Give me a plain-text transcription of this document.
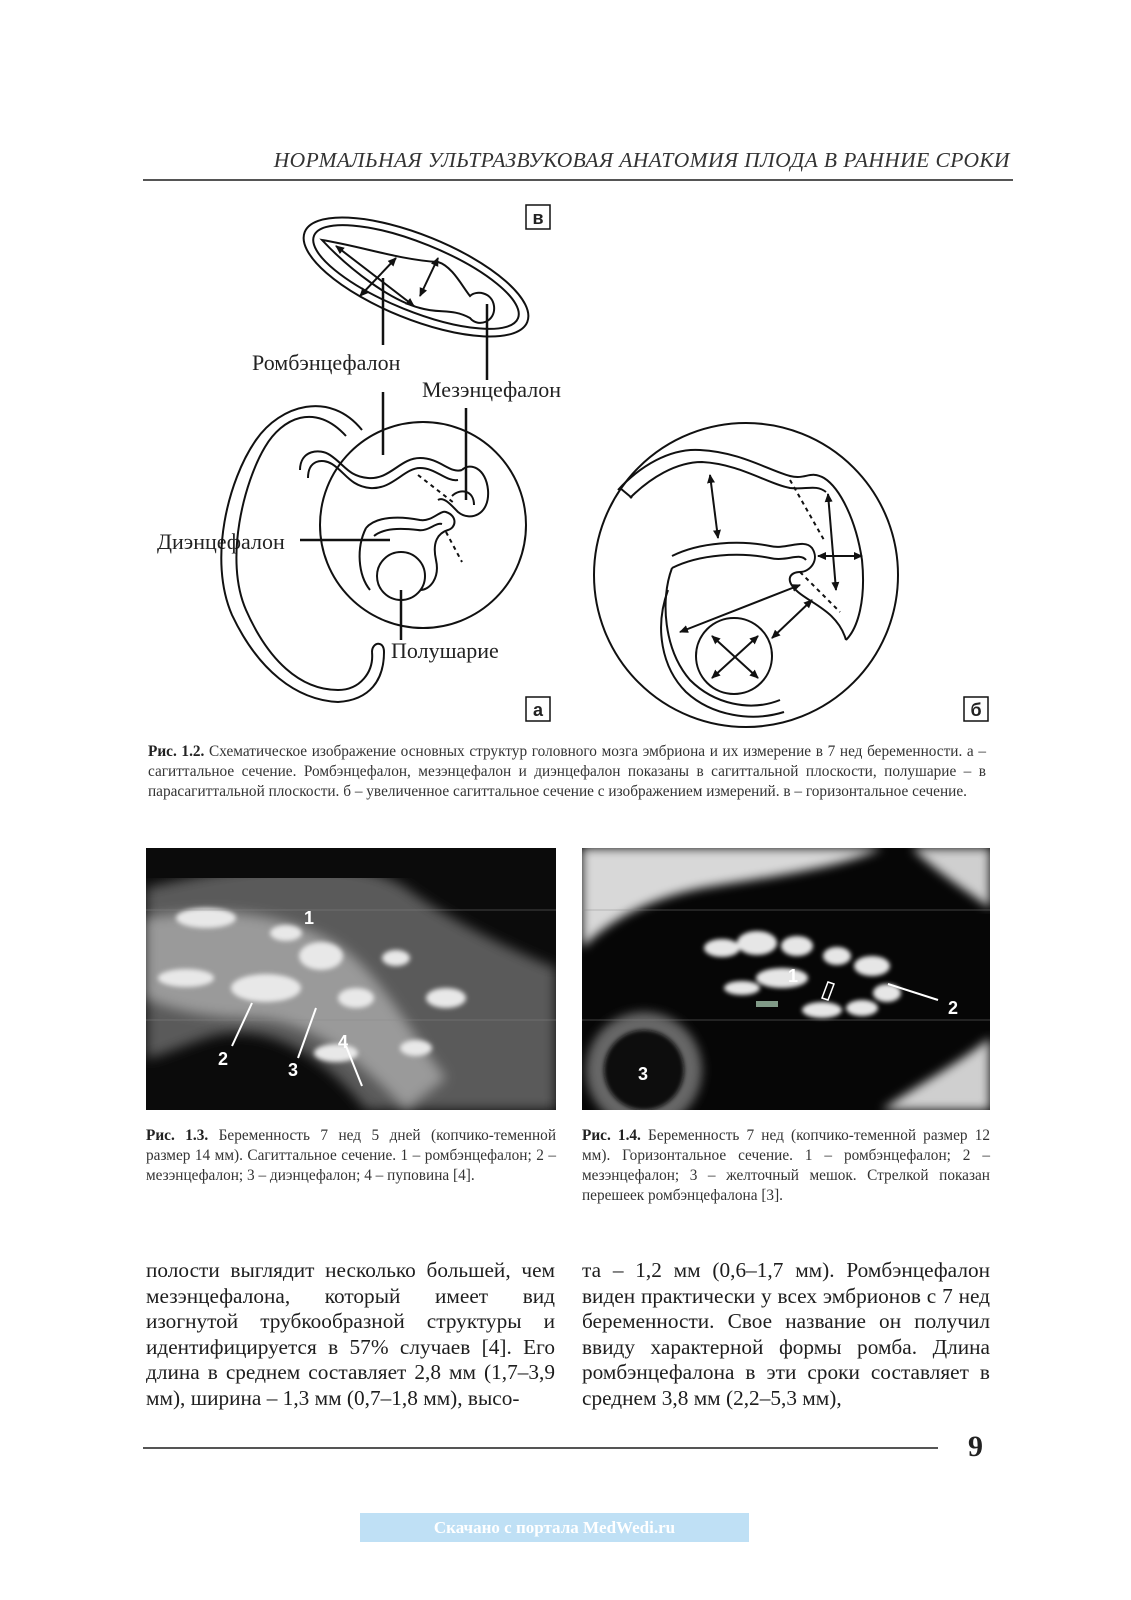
НОРМАЛЬНАЯ УЛЬТРАЗВУКОВАЯ АНАТОМИЯ ПЛОДА В РАННИЕ СРОКИ
в
Ромбэнцефалон
Мезэнцефалон
Диэнцефалон
Полушарие
а	б
Рис. 1.2. Схематическое изображение основных структур головного мозга эмбриона и их измерение в 7 нед беременности. а – сагиттальное сечение. Ромбэнцефалон, мезэнцефалон и диэнцефалон показаны в сагиттальной плоскости, полушарие – в парасагиттальной плоскости. б – увеличенное сагиттальное сечение с изображением измерений. в – горизонтальное сечение.
1
2
3
4
1
2
3
Рис. 1.3. Беременность 7 нед 5 дней (копчико-теменной размер 14 мм). Сагиттальное сечение. 1 – ромбэнцефалон; 2 – мезэнцефалон; 3 – диэнцефалон; 4 – пуповина [4].
Рис. 1.4. Беременность 7 нед (копчико-теменной размер 12 мм). Горизонтальное сечение. 1 – ромбэнцефалон; 2 – мезэнцефалон; 3 – желточный мешок. Стрелкой показан перешеек ромбэнцефалона [3].
полости выглядит несколько большей, чем мезэнцефалона, который имеет вид изогнутой трубкообразной структуры и идентифицируется в 57% случаев [4]. Его длина в среднем составляет 2,8 мм (1,7–3,9 мм), ширина – 1,3 мм (0,7–1,8 мм), высо-
та – 1,2 мм (0,6–1,7 мм). Ромбэнцефалон виден практически у всех эмбрионов с 7 нед беременности. Свое название он получил ввиду характерной формы ромба. Длина ромбэнцефалона в эти сроки составляет в среднем 3,8 мм (2,2–5,3 мм),
9
Скачано с портала MedWedi.ru
